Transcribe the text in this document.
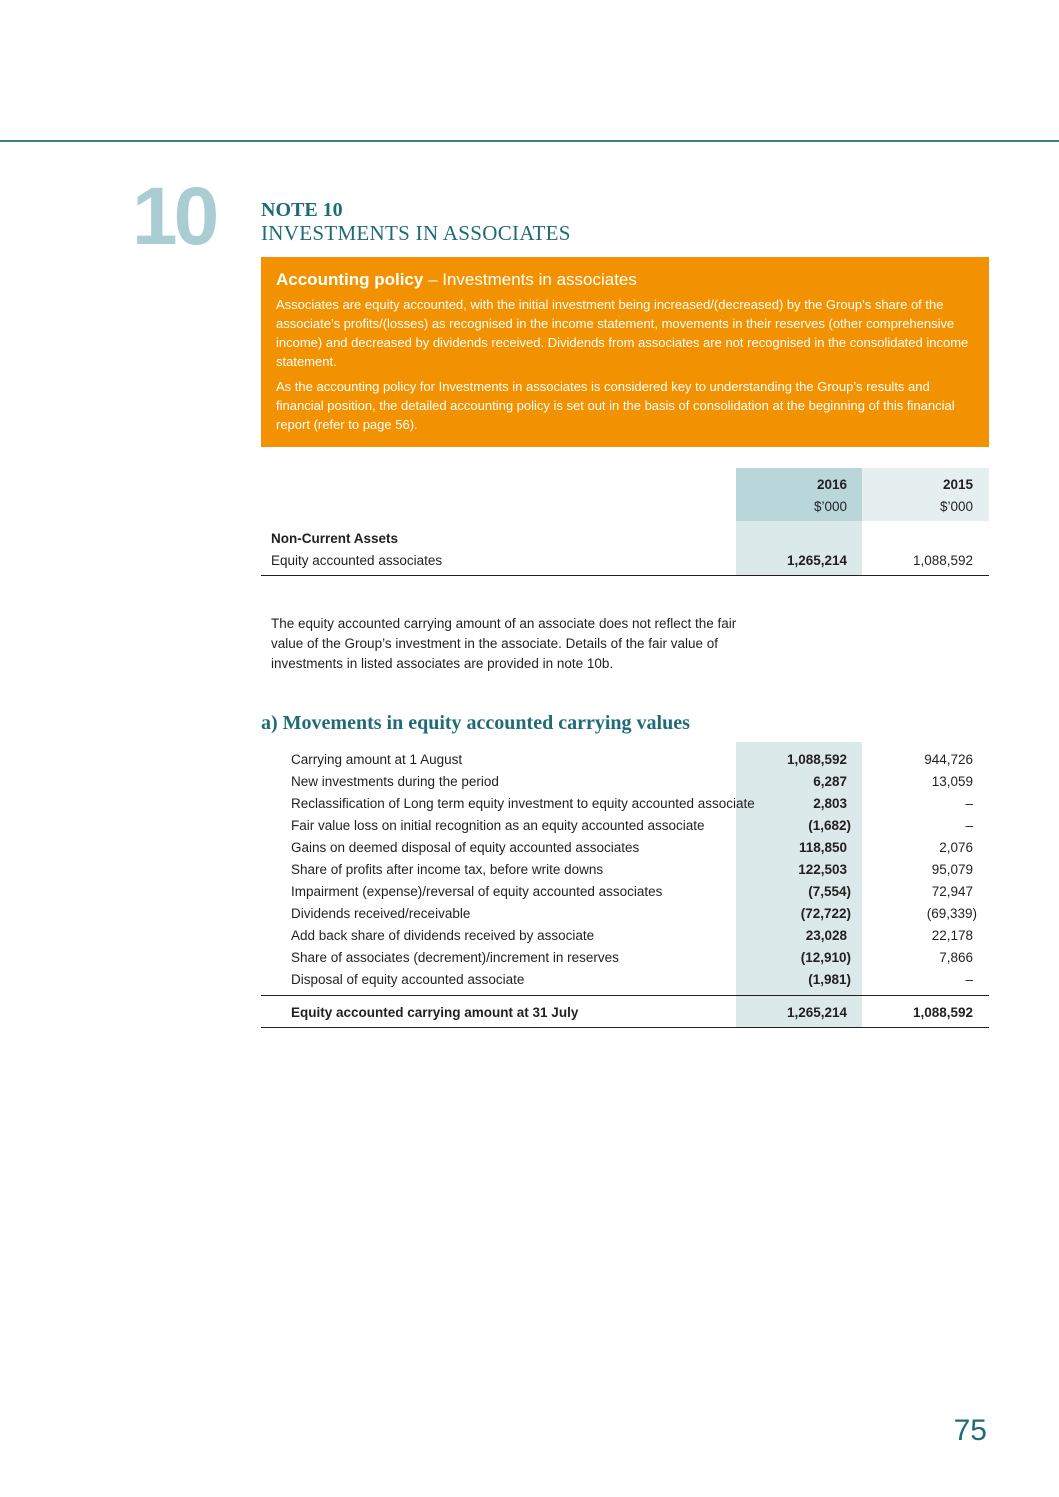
10 NOTE 10
INVESTMENTS IN ASSOCIATES
Accounting policy – Investments in associates

Associates are equity accounted, with the initial investment being increased/(decreased) by the Group’s share of the associate’s profits/(losses) as recognised in the income statement, movements in their reserves (other comprehensive income) and decreased by dividends received. Dividends from associates are not recognised in the consolidated income statement.

As the accounting policy for Investments in associates is considered key to understanding the Group’s results and financial position, the detailed accounting policy is set out in the basis of consolidation at the beginning of this financial report (refer to page 56).

2016	2015
$’000	$’000
Non-Current Assets
Equity accounted associates	1,265,214	1,088,592
The equity accounted carrying amount of an associate does not reflect the fair value of the Group’s investment in the associate. Details of the fair value of investments in listed associates are provided in note 10b.
a) Movements in equity accounted carrying values
Carrying amount at 1 August	1,088,592	944,726
New investments during the period	6,287	13,059
Reclassification of Long term equity investment to equity accounted associate	2,803	–
Fair value loss on initial recognition as an equity accounted associate	(1,682)	–
Gains on deemed disposal of equity accounted associates	118,850	2,076
Share of profits after income tax, before write downs	122,503	95,079
Impairment (expense)/reversal of equity accounted associates	(7,554)	72,947
Dividends received/receivable	(72,722)	(69,339)
Add back share of dividends received by associate	23,028	22,178
Share of associates (decrement)/increment in reserves	(12,910)	7,866
Disposal of equity accounted associate	(1,981)	–
Equity accounted carrying amount at 31 July	1,265,214	1,088,592
75
